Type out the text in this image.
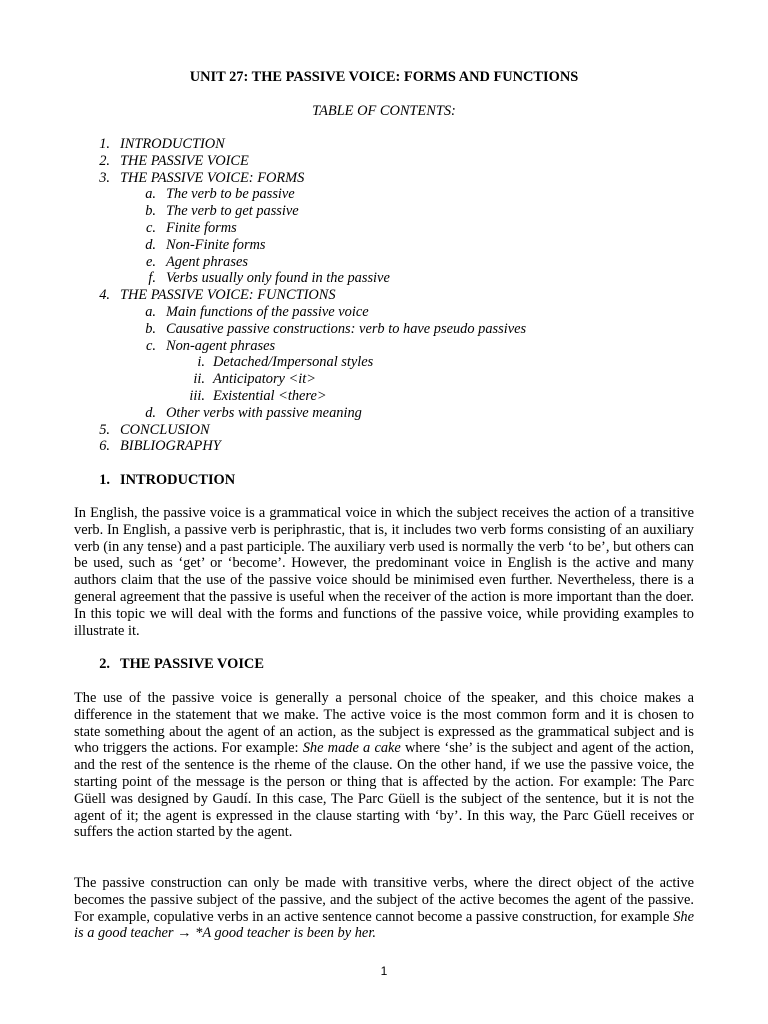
UNIT 27: THE PASSIVE VOICE: FORMS AND FUNCTIONS
TABLE OF CONTENTS:
1. INTRODUCTION
2. THE PASSIVE VOICE
3. THE PASSIVE VOICE: FORMS
a. The verb to be passive
b. The verb to get passive
c. Finite forms
d. Non-Finite forms
e. Agent phrases
f. Verbs usually only found in the passive
4. THE PASSIVE VOICE: FUNCTIONS
a. Main functions of the passive voice
b. Causative passive constructions: verb to have pseudo passives
c. Non-agent phrases
i. Detached/Impersonal styles
ii. Anticipatory <it>
iii. Existential <there>
d. Other verbs with passive meaning
5. CONCLUSION
6. BIBLIOGRAPHY
1. INTRODUCTION
In English, the passive voice is a grammatical voice in which the subject receives the action of a transitive verb. In English, a passive verb is periphrastic, that is, it includes two verb forms consisting of an auxiliary verb (in any tense) and a past participle. The auxiliary verb used is normally the verb ‘to be’, but others can be used, such as ‘get’ or ‘become’. However, the predominant voice in English is the active and many authors claim that the use of the passive voice should be minimised even further. Nevertheless, there is a general agreement that the passive is useful when the receiver of the action is more important than the doer. In this topic we will deal with the forms and functions of the passive voice, while providing examples to illustrate it.
2. THE PASSIVE VOICE
The use of the passive voice is generally a personal choice of the speaker, and this choice makes a difference in the statement that we make. The active voice is the most common form and it is chosen to state something about the agent of an action, as the subject is expressed as the grammatical subject and is who triggers the actions. For example: She made a cake where ‘she’ is the subject and agent of the action, and the rest of the sentence is the rheme of the clause. On the other hand, if we use the passive voice, the starting point of the message is the person or thing that is affected by the action. For example: The Parc Güell was designed by Gaudí. In this case, The Parc Güell is the subject of the sentence, but it is not the agent of it; the agent is expressed in the clause starting with ‘by’. In this way, the Parc Güell receives or suffers the action started by the agent.
The passive construction can only be made with transitive verbs, where the direct object of the active becomes the passive subject of the passive, and the subject of the active becomes the agent of the passive. For example, copulative verbs in an active sentence cannot become a passive construction, for example She is a good teacher → *A good teacher is been by her.
1
